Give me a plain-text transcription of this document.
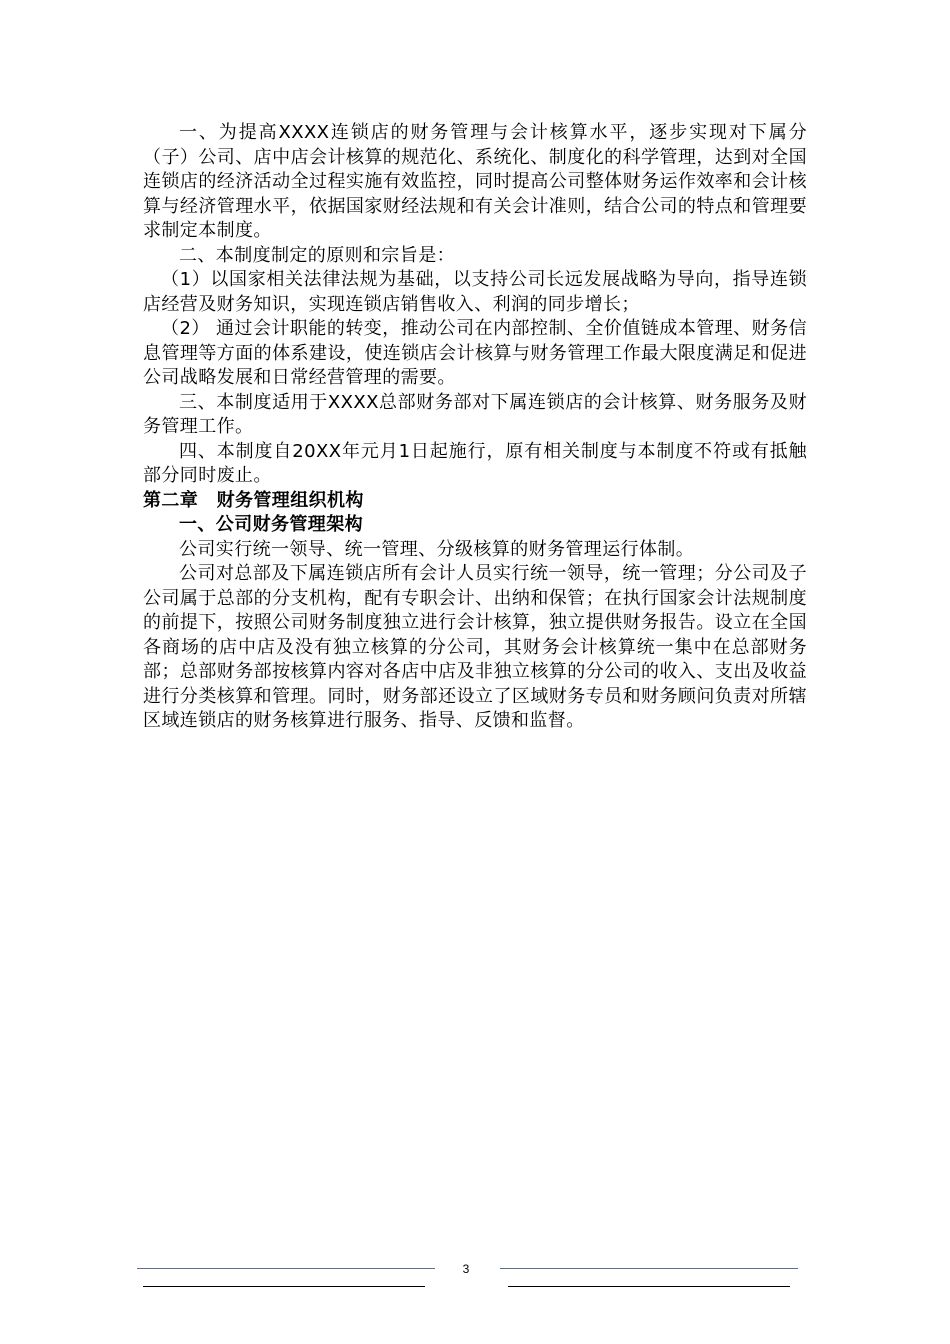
一、为提高XXXX连锁店的财务管理与会计核算水平，逐步实现对下属分（子）公司、店中店会计核算的规范化、系统化、制度化的科学管理，达到对全国连锁店的经济活动全过程实施有效监控，同时提高公司整体财务运作效率和会计核算与经济管理水平，依据国家财经法规和有关会计准则，结合公司的特点和管理要求制定本制度。

二、本制度制定的原则和宗旨是：

（1）以国家相关法律法规为基础，以支持公司长远发展战略为导向，指导连锁店经营及财务知识，实现连锁店销售收入、利润的同步增长；

（2） 通过会计职能的转变，推动公司在内部控制、全价值链成本管理、财务信息管理等方面的体系建设，使连锁店会计核算与财务管理工作最大限度满足和促进公司战略发展和日常经营管理的需要。

三、本制度适用于XXXX总部财务部对下属连锁店的会计核算、财务服务及财务管理工作。

四、本制度自20XX年元月1日起施行，原有相关制度与本制度不符或有抵触部分同时废止。

第二章　财务管理组织机构

一、公司财务管理架构

公司实行统一领导、统一管理、分级核算的财务管理运行体制。

公司对总部及下属连锁店所有会计人员实行统一领导，统一管理；分公司及子公司属于总部的分支机构，配有专职会计、出纳和保管；在执行国家会计法规制度的前提下，按照公司财务制度独立进行会计核算，独立提供财务报告。设立在全国各商场的店中店及没有独立核算的分公司，其财务会计核算统一集中在总部财务部；总部财务部按核算内容对各店中店及非独立核算的分公司的收入、支出及收益进行分类核算和管理。同时，财务部还设立了区域财务专员和财务顾问负责对所辖区域连锁店的财务核算进行服务、指导、反馈和监督。

3
